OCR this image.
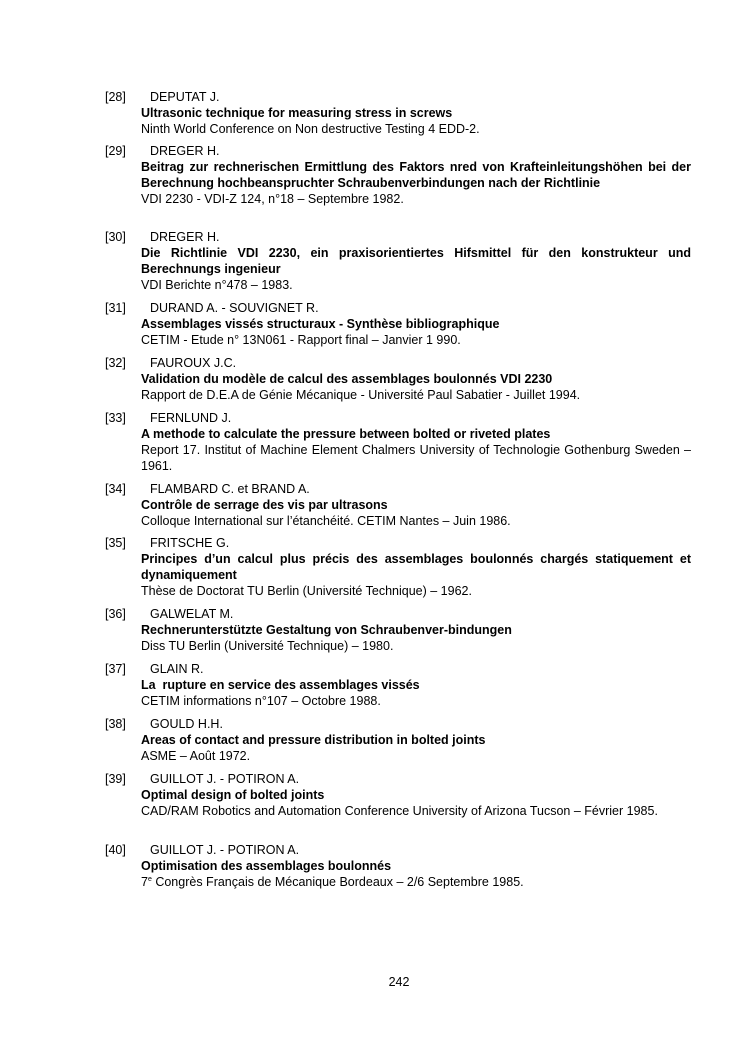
[28]	DEPUTAT J.
Ultrasonic technique for measuring stress in screws
Ninth World Conference on Non destructive Testing 4 EDD-2.
[29]	DREGER H.
Beitrag zur rechnerischen Ermittlung des Faktors nred von Krafteinleitungshöhen bei der Berechnung hochbeanspruchter Schraubenverbindungen nach der Richtlinie
VDI 2230 - VDI-Z 124, n°18 – Septembre 1982.
[30]	DREGER H.
Die Richtlinie VDI 2230, ein praxisorientiertes Hifsmittel für den konstrukteur und Berechnungs ingenieur
VDI Berichte n°478 – 1983.
[31]	DURAND A. - SOUVIGNET R.
Assemblages vissés structuraux - Synthèse bibliographique
CETIM - Etude n° 13N061 - Rapport final – Janvier 1 990.
[32]	FAUROUX J.C.
Validation du modèle de calcul des assemblages boulonnés VDI 2230
Rapport de D.E.A de Génie Mécanique - Université Paul Sabatier - Juillet 1994.
[33]	FERNLUND J.
A methode to calculate the pressure between bolted or riveted plates
Report 17. Institut of Machine Element Chalmers University of Technologie Gothenburg Sweden – 1961.
[34]	FLAMBARD C. et BRAND A.
Contrôle de serrage des vis par ultrasons
Colloque International sur l’étanchéité. CETIM Nantes – Juin 1986.
[35]	FRITSCHE G.
Principes d’un calcul plus précis des assemblages boulonnés chargés statiquement et dynamiquement
Thèse de Doctorat TU Berlin (Université Technique) – 1962.
[36]	GALWELAT M.
Rechnerunterstützte Gestaltung von Schraubenver-bindungen
Diss TU Berlin (Université Technique) – 1980.
[37]	GLAIN R.
La  rupture en service des assemblages vissés
CETIM informations n°107 – Octobre 1988.
[38]	GOULD H.H.
Areas of contact and pressure distribution in bolted joints
ASME – Août 1972.
[39]	GUILLOT J. - POTIRON A.
Optimal design of bolted joints
CAD/RAM Robotics and Automation Conference University of Arizona Tucson – Février 1985.
[40]	GUILLOT J. - POTIRON A.
Optimisation des assemblages boulonnés
7e Congrès Français de Mécanique Bordeaux – 2/6 Septembre 1985.
242
